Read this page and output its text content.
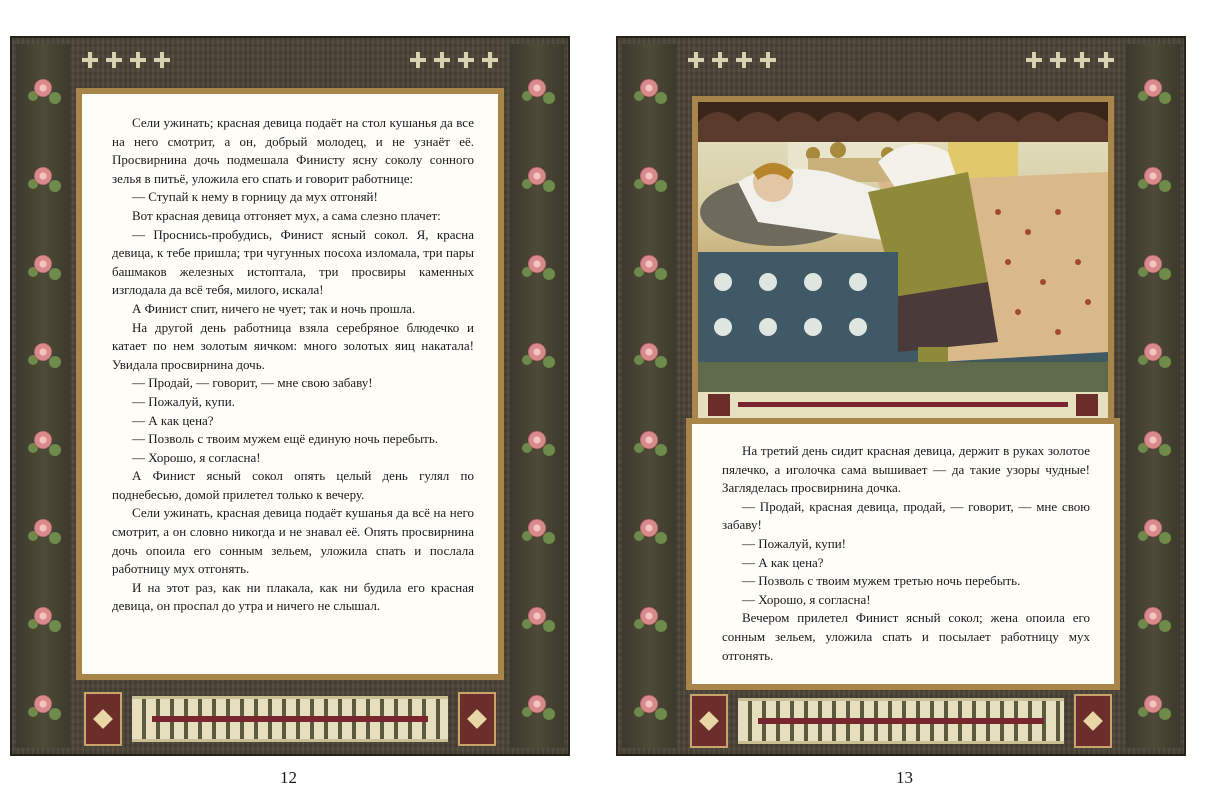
Сели ужинать; красная девица подаёт на стол кушанья да все на него смотрит, а он, добрый молодец, и не узнаёт её. Просвирнина дочь подмешала Финисту ясну соколу сонного зелья в питьё, уложила его спать и говорит работнице:

— Ступай к нему в горницу да мух отгоняй!

Вот красная девица отгоняет мух, а сама слезно плачет:

— Проснись-пробудись, Финист ясный сокол. Я, красна девица, к тебе пришла; три чугунных посоха изломала, три пары башмаков железных истоптала, три просвиры каменных изглодала да всё тебя, милого, искала!

А Финист спит, ничего не чует; так и ночь прошла.

На другой день работница взяла серебряное блюдечко и катает по нем золотым яичком: много золотых яиц накатала! Увидала просвирнина дочь.

— Продай, — говорит, — мне свою забаву!

— Пожалуй, купи.

— А как цена?

— Позволь с твоим мужем ещё единую ночь перебыть.

— Хорошо, я согласна!

А Финист ясный сокол опять целый день гулял по поднебесью, домой прилетел только к вечеру.

Сели ужинать, красная девица подаёт кушанья да всё на него смотрит, а он словно никогда и не знавал её. Опять просвирнина дочь опоила его сонным зельем, уложила спать и послала работницу мух отгонять.

И на этот раз, как ни плакала, как ни будила его красная девица, он проспал до утра и ничего не слышал.

12

На третий день сидит красная девица, держит в руках золотое пялечко, а иголочка сама вышивает — да такие узоры чудные! Загляделась просвирнина дочка.

— Продай, красная девица, продай, — говорит, — мне свою забаву!

— Пожалуй, купи!

— А как цена?

— Позволь с твоим мужем третью ночь перебыть.

— Хорошо, я согласна!

Вечером прилетел Финист ясный сокол; жена опоила его сонным зельем, уложила спать и посылает работницу мух отгонять.

13
